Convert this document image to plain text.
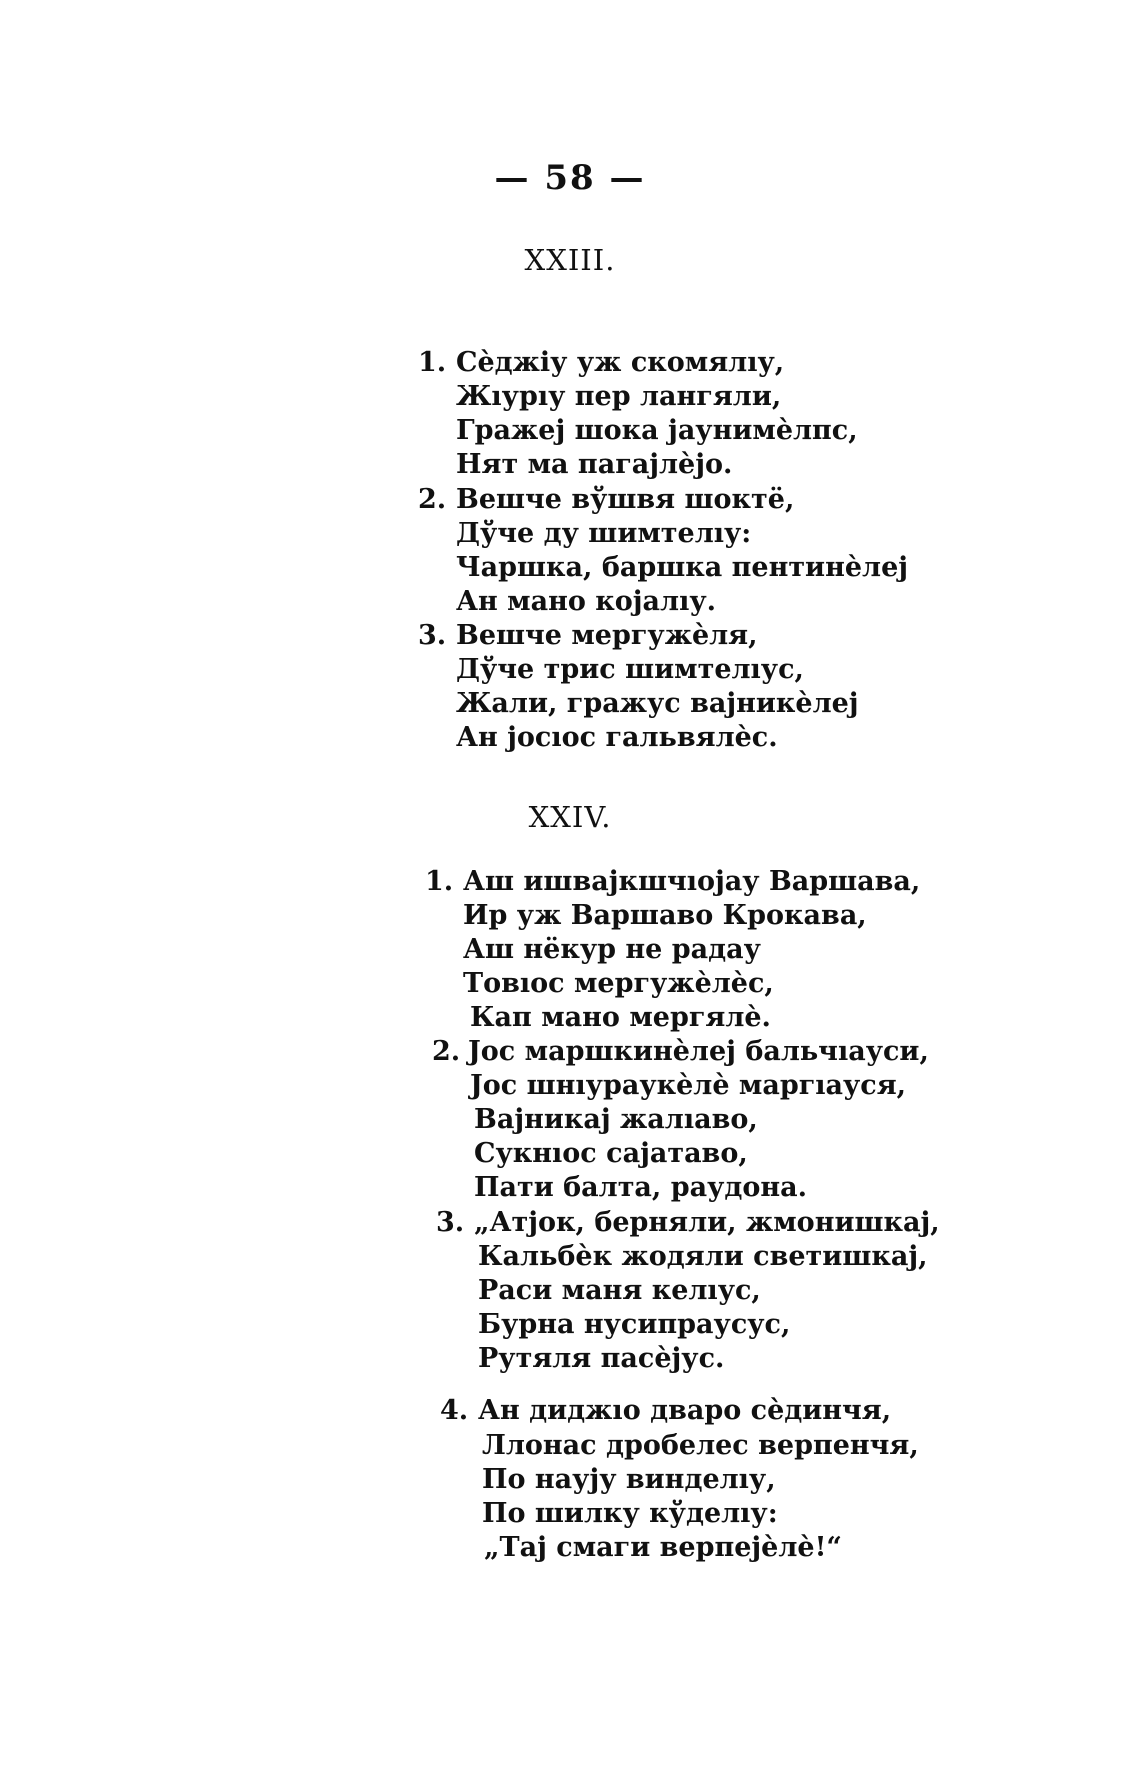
— 58 —
XXIII.
1. Сѐджіу уж скомялıу,
Жıурıу пер лангяли,
Гражеј шока јаунимѐлпс,
Нят ма пагајлѐјо.
2. Вешче вўшвя шоктё,
Дўче ду шимтелıу:
Чаршка, баршка пентинѐлеј
Ан мано којалıу.
3. Вешче мергужѐля,
Дўче трис шимтелıус,
Жали, гражус вајникѐлеј
Ан јосıос гальвялѐс.
XXIV.
1. Аш ишвајкшчıојау Варшава,
Ир уж Варшаво Крокава,
Аш нёкур не радау
Товıос мергужѐлѐс,
Кап мано мергялѐ.
2. Јос маршкинѐлеј бальчıауси,
Јос шнıураукѐлѐ маргıауся,
Вајникај жалıаво,
Сукнıос сајатаво,
Пати балта, раудона.
3. „Атјок, берняли, жмонишкај,
Кальбѐк жодяли светишкај,
Раси маня келıус,
Бурна нусипраусус,
Рутяля пасѐјус.
4. Ан диджıо дваро сѐдинчя,
Ллонас дробелес верпенчя,
По наују винделıу,
По шилку кўделıу:
„Тај смаги верпејѐлѐ!“
